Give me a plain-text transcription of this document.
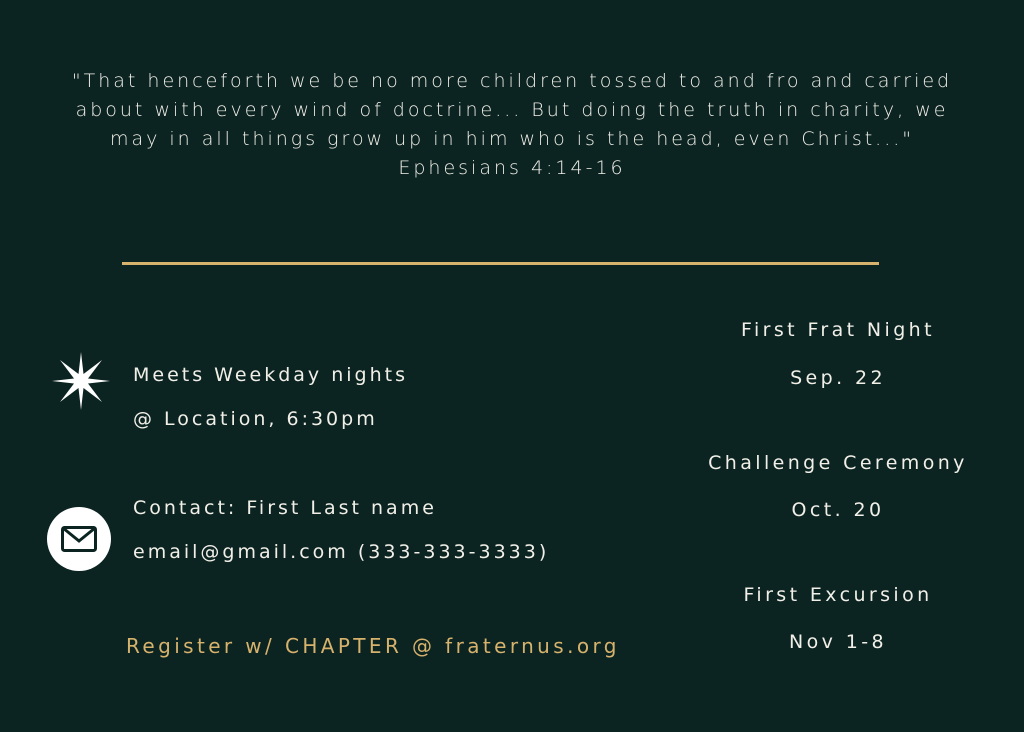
"That henceforth we be no more children tossed to and fro and carried
about with every wind of doctrine... But doing the truth in charity, we
may in all things grow up in him who is the head, even Christ..."

Ephesians 4:14-16
Meets Weekday nights
@ Location, 6:30pm
Contact: First Last name
email@gmail.com (333-333-3333)
Register w/ CHAPTER @ fraternus.org
First Frat Night
Sep. 22
Challenge Ceremony
Oct. 20
First Excursion
Nov 1-8
